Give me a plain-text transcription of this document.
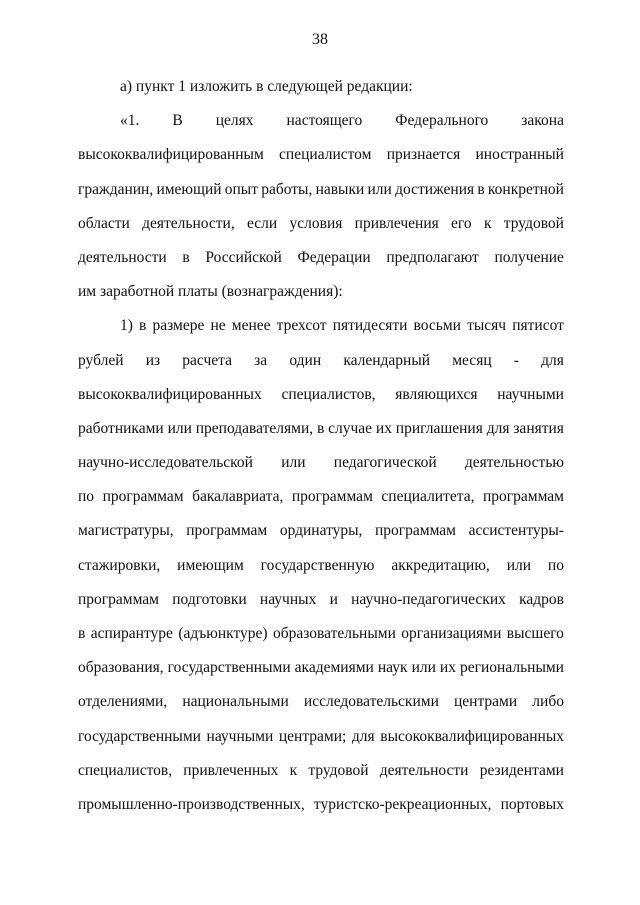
38
а) пункт 1 изложить в следующей редакции:
«1. В целях настоящего Федерального закона
высококвалифицированным специалистом признается иностранный
гражданин, имеющий опыт работы, навыки или достижения в конкретной
области деятельности, если условия привлечения его к трудовой
деятельности в Российской Федерации предполагают получение
им заработной платы (вознаграждения):
1) в размере не менее трехсот пятидесяти восьми тысяч пятисот
рублей из расчета за один календарный месяц - для
высококвалифицированных специалистов, являющихся научными
работниками или преподавателями, в случае их приглашения для занятия
научно-исследовательской или педагогической деятельностью
по программам бакалавриата, программам специалитета, программам
магистратуры, программам ординатуры, программам ассистентуры-
стажировки, имеющим государственную аккредитацию, или по
программам подготовки научных и научно-педагогических кадров
в аспирантуре (адъюнктуре) образовательными организациями высшего
образования, государственными академиями наук или их региональными
отделениями, национальными исследовательскими центрами либо
государственными научными центрами; для высококвалифицированных
специалистов, привлеченных к трудовой деятельности резидентами
промышленно-производственных, туристско-рекреационных, портовых
